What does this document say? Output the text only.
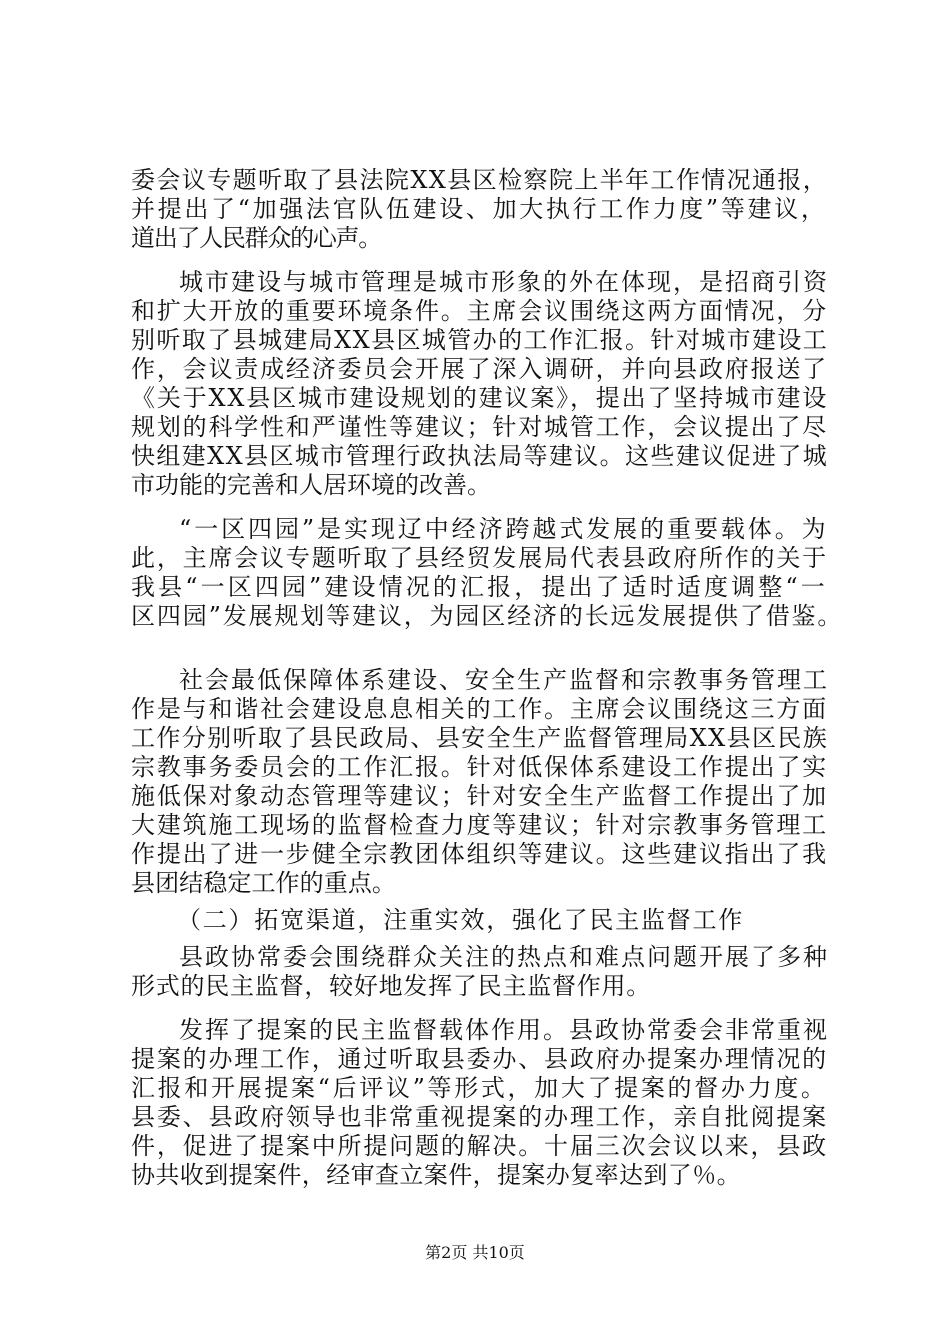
委会议专题听取了县法院XX县区检察院上半年工作情况通报，
并提出了“加强法官队伍建设、加大执行工作力度”等建议，
道出了人民群众的心声。
城市建设与城市管理是城市形象的外在体现，是招商引资
和扩大开放的重要环境条件。主席会议围绕这两方面情况，分
别听取了县城建局XX县区城管办的工作汇报。针对城市建设工
作，会议责成经济委员会开展了深入调研，并向县政府报送了
《关于XX县区城市建设规划的建议案》，提出了坚持城市建设
规划的科学性和严谨性等建议；针对城管工作，会议提出了尽
快组建XX县区城市管理行政执法局等建议。这些建议促进了城
市功能的完善和人居环境的改善。
“一区四园”是实现辽中经济跨越式发展的重要载体。为
此，主席会议专题听取了县经贸发展局代表县政府所作的关于
我县“一区四园”建设情况的汇报，提出了适时适度调整“一
区四园”发展规划等建议，为园区经济的长远发展提供了借鉴。
社会最低保障体系建设、安全生产监督和宗教事务管理工
作是与和谐社会建设息息相关的工作。主席会议围绕这三方面
工作分别听取了县民政局、县安全生产监督管理局XX县区民族
宗教事务委员会的工作汇报。针对低保体系建设工作提出了实
施低保对象动态管理等建议；针对安全生产监督工作提出了加
大建筑施工现场的监督检查力度等建议；针对宗教事务管理工
作提出了进一步健全宗教团体组织等建议。这些建议指出了我
县团结稳定工作的重点。
（二）拓宽渠道，注重实效，强化了民主监督工作
县政协常委会围绕群众关注的热点和难点问题开展了多种
形式的民主监督，较好地发挥了民主监督作用。
发挥了提案的民主监督载体作用。县政协常委会非常重视
提案的办理工作，通过听取县委办、县政府办提案办理情况的
汇报和开展提案“后评议”等形式，加大了提案的督办力度。
县委、县政府领导也非常重视提案的办理工作，亲自批阅提案
件，促进了提案中所提问题的解决。十届三次会议以来，县政
协共收到提案件，经审查立案件，提案办复率达到了％。
第2页 共10页
